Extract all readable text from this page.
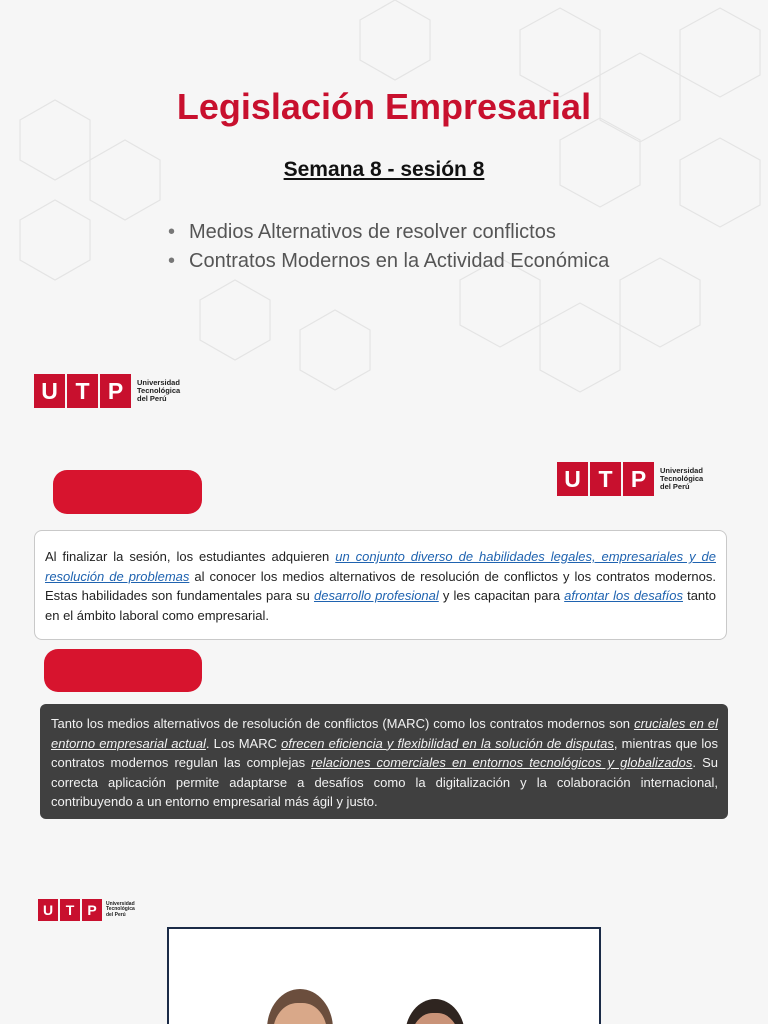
Legislación Empresarial
Semana 8 - sesión 8
• Medios Alternativos de resolver conflictos
• Contratos Modernos en la Actividad Económica
U T P	Universidad
Tecnológica
del Perú
U T P	Universidad
Tecnológica
del Perú
Al finalizar la sesión, los estudiantes adquieren un conjunto diverso de habilidades legales, empresariales y de resolución de problemas al conocer los medios alternativos de resolución de conflictos y los contratos modernos. Estas habilidades son fundamentales para su desarrollo profesional y les capacitan para afrontar los desafíos tanto en el ámbito laboral como empresarial.
Tanto los medios alternativos de resolución de conflictos (MARC) como los contratos modernos son cruciales en el entorno empresarial actual. Los MARC ofrecen eficiencia y flexibilidad en la solución de disputas, mientras que los contratos modernos regulan las complejas relaciones comerciales en entornos tecnológicos y globalizados. Su correcta aplicación permite adaptarse a desafíos como la digitalización y la colaboración internacional, contribuyendo a un entorno empresarial más ágil y justo.
U T P	Universidad
Tecnológica
del Perú
